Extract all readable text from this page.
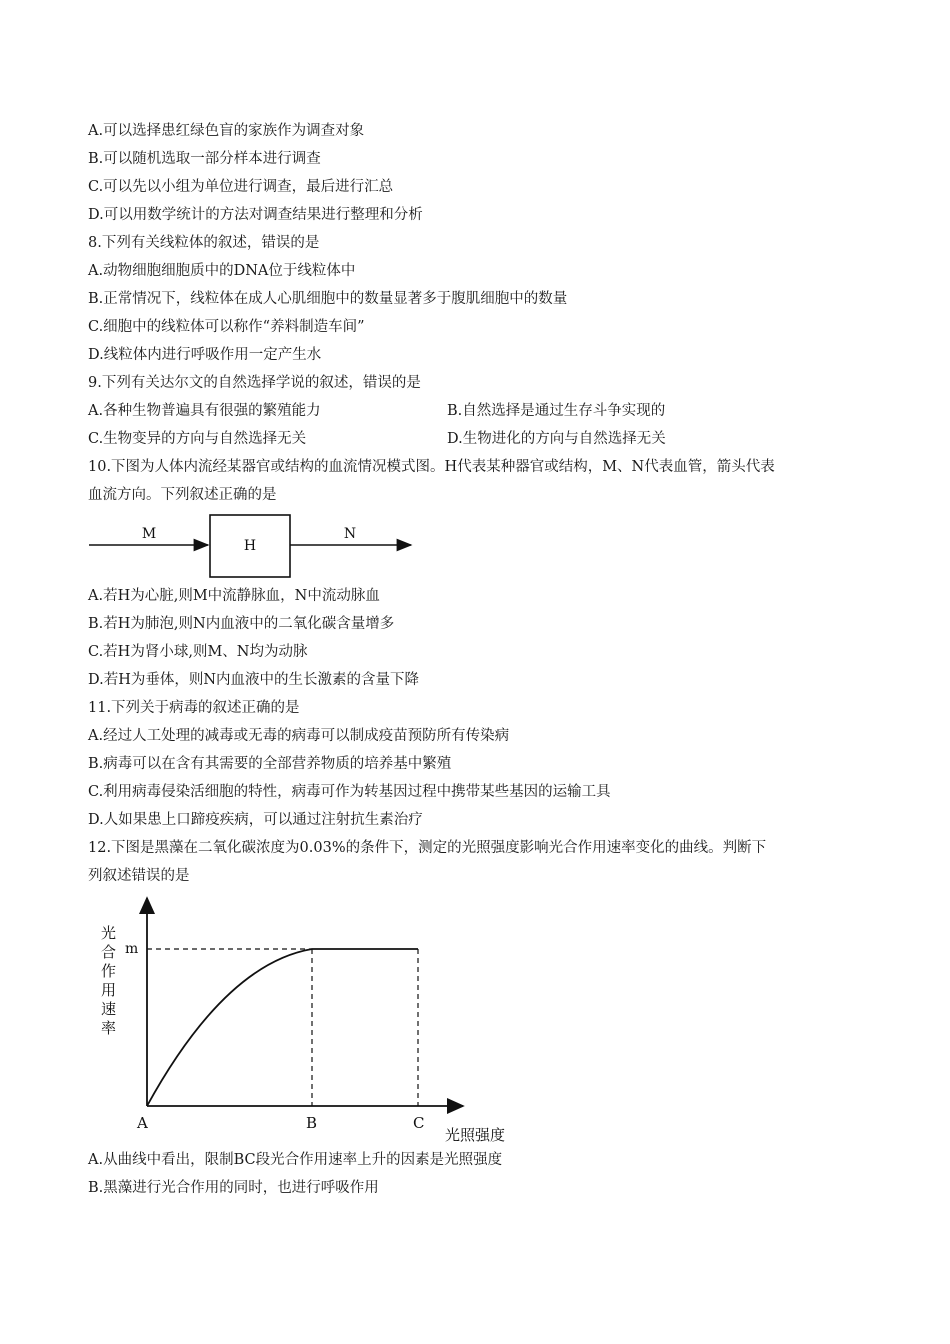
A.可以选择患红绿色盲的家族作为调查对象
B.可以随机选取一部分样本进行调查
C.可以先以小组为单位进行调查，最后进行汇总
D.可以用数学统计的方法对调查结果进行整理和分析
8.下列有关线粒体的叙述，错误的是
A.动物细胞细胞质中的DNA位于线粒体中
B.正常情况下，线粒体在成人心肌细胞中的数量显著多于腹肌细胞中的数量
C.细胞中的线粒体可以称作“养料制造车间”
D.线粒体内进行呼吸作用一定产生水
9.下列有关达尔文的自然选择学说的叙述，错误的是
A.各种生物普遍具有很强的繁殖能力	B.自然选择是通过生存斗争实现的
C.生物变异的方向与自然选择无关	D.生物进化的方向与自然选择无关
10.下图为人体内流经某器官或结构的血流情况模式图。H代表某种器官或结构，M、N代表血管，箭头代表
血流方向。下列叙述正确的是
M
H
N
A.若H为心脏,则M中流静脉血，N中流动脉血
B.若H为肺泡,则N内血液中的二氧化碳含量增多
C.若H为肾小球,则M、N均为动脉
D.若H为垂体，则N内血液中的生长激素的含量下降
11.下列关于病毒的叙述正确的是
A.经过人工处理的减毒或无毒的病毒可以制成疫苗预防所有传染病
B.病毒可以在含有其需要的全部营养物质的培养基中繁殖
C.利用病毒侵染活细胞的特性，病毒可作为转基因过程中携带某些基因的运输工具
D.人如果患上口蹄疫疾病，可以通过注射抗生素治疗
12.下图是黑藻在二氧化碳浓度为0.03%的条件下，测定的光照强度影响光合作用速率变化的曲线。判断下
列叙述错误的是
光
合
作
用
速
率
m
A	B	C
光照强度
A.从曲线中看出，限制BC段光合作用速率上升的因素是光照强度
B.黑藻进行光合作用的同时，也进行呼吸作用
